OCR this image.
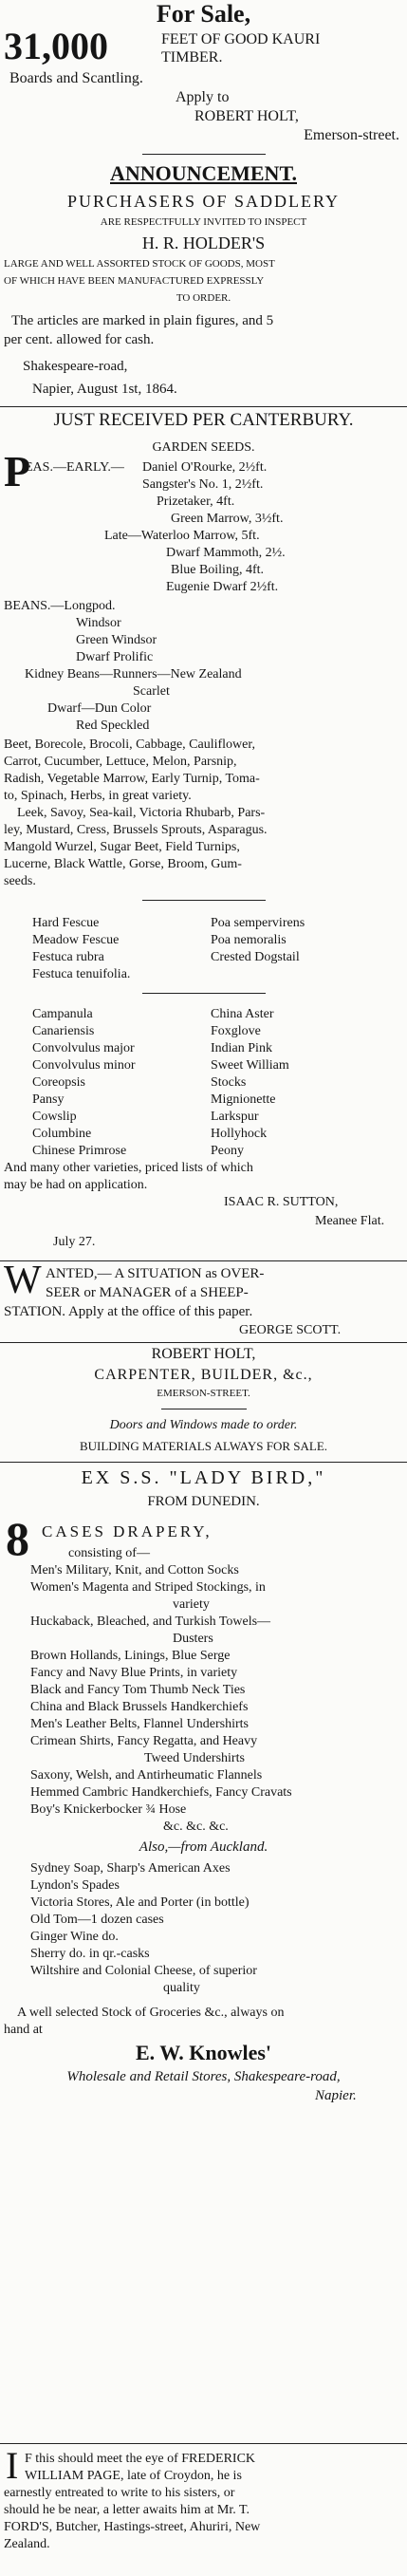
For Sale,
31,000	FEET OF GOOD KAURI
TIMBER.
Boards and Scantling.
Apply to
ROBERT HOLT,
Emerson-street.
ANNOUNCEMENT.
PURCHASERS OF SADDLERY
ARE RESPECTFULLY INVITED TO INSPECT
H. R. HOLDER'S
LARGE AND WELL ASSORTED STOCK OF GOODS, MOST
OF WHICH HAVE BEEN MANUFACTURED EXPRESSLY
TO ORDER.
The articles are marked in plain figures, and 5
per cent. allowed for cash.
Shakespeare-road,
Napier, August 1st, 1864.
JUST RECEIVED PER CANTERBURY.
GARDEN SEEDS.
P
EAS.—EARLY.— Daniel O'Rourke, 2½ft.
Sangster's No. 1, 2½ft.
Prizetaker, 4ft.
Green Marrow, 3½ft.
Late—Waterloo Marrow, 5ft.
Dwarf Mammoth, 2½.
Blue Boiling, 4ft.
Eugenie Dwarf 2½ft.
BEANS.—Longpod.
Windsor
Green Windsor
Dwarf Prolific
Kidney Beans—Runners—New Zealand
Scarlet
Dwarf—Dun Color
Red Speckled
Beet, Borecole, Brocoli, Cabbage, Cauliflower,
Carrot, Cucumber, Lettuce, Melon, Parsnip,
Radish, Vegetable Marrow, Early Turnip, Toma-
to, Spinach, Herbs, in great variety.
Leek, Savoy, Sea-kail, Victoria Rhubarb, Pars-
ley, Mustard, Cress, Brussels Sprouts, Asparagus.
Mangold Wurzel, Sugar Beet, Field Turnips,
Lucerne, Black Wattle, Gorse, Broom, Gum-
seeds.
Hard Fescue
Meadow Fescue
Festuca rubra
Festuca tenuifolia.
Poa sempervirens
Poa nemoralis
Crested Dogstail
Campanula
Canariensis
Convolvulus major
Convolvulus minor
Coreopsis
Pansy
Cowslip
Columbine
Chinese Primrose
China Aster
Foxglove
Indian Pink
Sweet William
Stocks
Mignionette
Larkspur
Hollyhock
Peony
And many other varieties, priced lists of which
may be had on application.
ISAAC R. SUTTON,
Meanee Flat.
July 27.
W ANTED,— A SITUATION as OVER-
SEER or MANAGER of a SHEEP-
STATION. Apply at the office of this paper.
GEORGE SCOTT.
ROBERT HOLT,
CARPENTER, BUILDER, &c.,
EMERSON-STREET.
Doors and Windows made to order.
BUILDING MATERIALS ALWAYS FOR SALE.
EX S.S. "LADY BIRD,"
FROM DUNEDIN.
8 CASES DRAPERY,
consisting of—
Men's Military, Knit, and Cotton Socks
Women's Magenta and Striped Stockings, in
variety
Huckaback, Bleached, and Turkish Towels—
Dusters
Brown Hollands, Linings, Blue Serge
Fancy and Navy Blue Prints, in variety
Black and Fancy Tom Thumb Neck Ties
China and Black Brussels Handkerchiefs
Men's Leather Belts, Flannel Undershirts
Crimean Shirts, Fancy Regatta, and Heavy
Tweed Undershirts
Saxony, Welsh, and Antirheumatic Flannels
Hemmed Cambric Handkerchiefs, Fancy Cravats
Boy's Knickerbocker ¾ Hose
&c. &c. &c.
Also,—from Auckland.
Sydney Soap, Sharp's American Axes
Lyndon's Spades
Victoria Stores, Ale and Porter (in bottle)
Old Tom—1 dozen cases
Ginger Wine do.
Sherry do. in qr.-casks
Wiltshire and Colonial Cheese, of superior
quality
A well selected Stock of Groceries &c., always on
hand at
E. W. Knowles'
Wholesale and Retail Stores, Shakespeare-road,
Napier.
I F this should meet the eye of FREDERICK
WILLIAM PAGE, late of Croydon, he is
earnestly entreated to write to his sisters, or
should he be near, a letter awaits him at Mr. T.
FORD'S, Butcher, Hastings-street, Ahuriri, New
Zealand.
